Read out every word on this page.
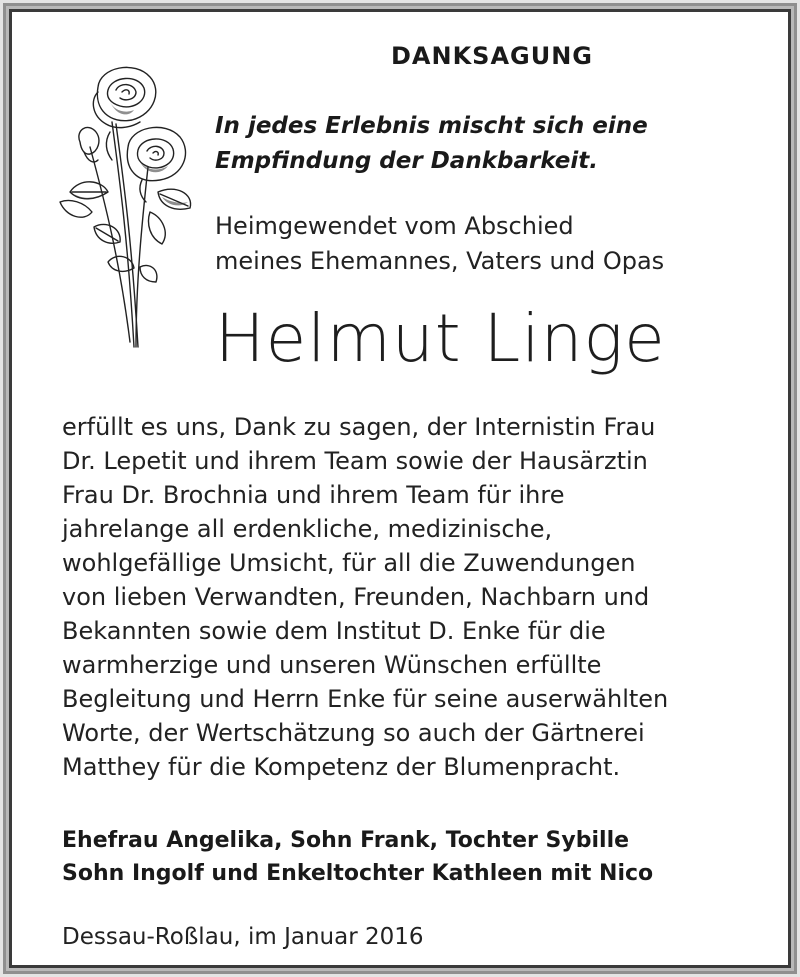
DANKSAGUNG
In jedes Erlebnis mischt sich eine
Empfindung der Dankbarkeit.
Heimgewendet vom Abschied
meines Ehemannes, Vaters und Opas
Helmut Linge
erfüllt es uns, Dank zu sagen, der Internistin Frau
Dr. Lepetit und ihrem Team sowie der Hausärztin
Frau Dr. Brochnia und ihrem Team für ihre
jahrelange all erdenkliche, medizinische,
wohlgefällige Umsicht, für all die Zuwendungen
von lieben Verwandten, Freunden, Nachbarn und
Bekannten sowie dem Institut D. Enke für die
warmherzige und unseren Wünschen erfüllte
Begleitung und Herrn Enke für seine auserwählten
Worte, der Wertschätzung so auch der Gärtnerei
Matthey für die Kompetenz der Blumenpracht.
Ehefrau Angelika, Sohn Frank, Tochter Sybille
Sohn Ingolf und Enkeltochter Kathleen mit Nico
Dessau-Roßlau, im Januar 2016
